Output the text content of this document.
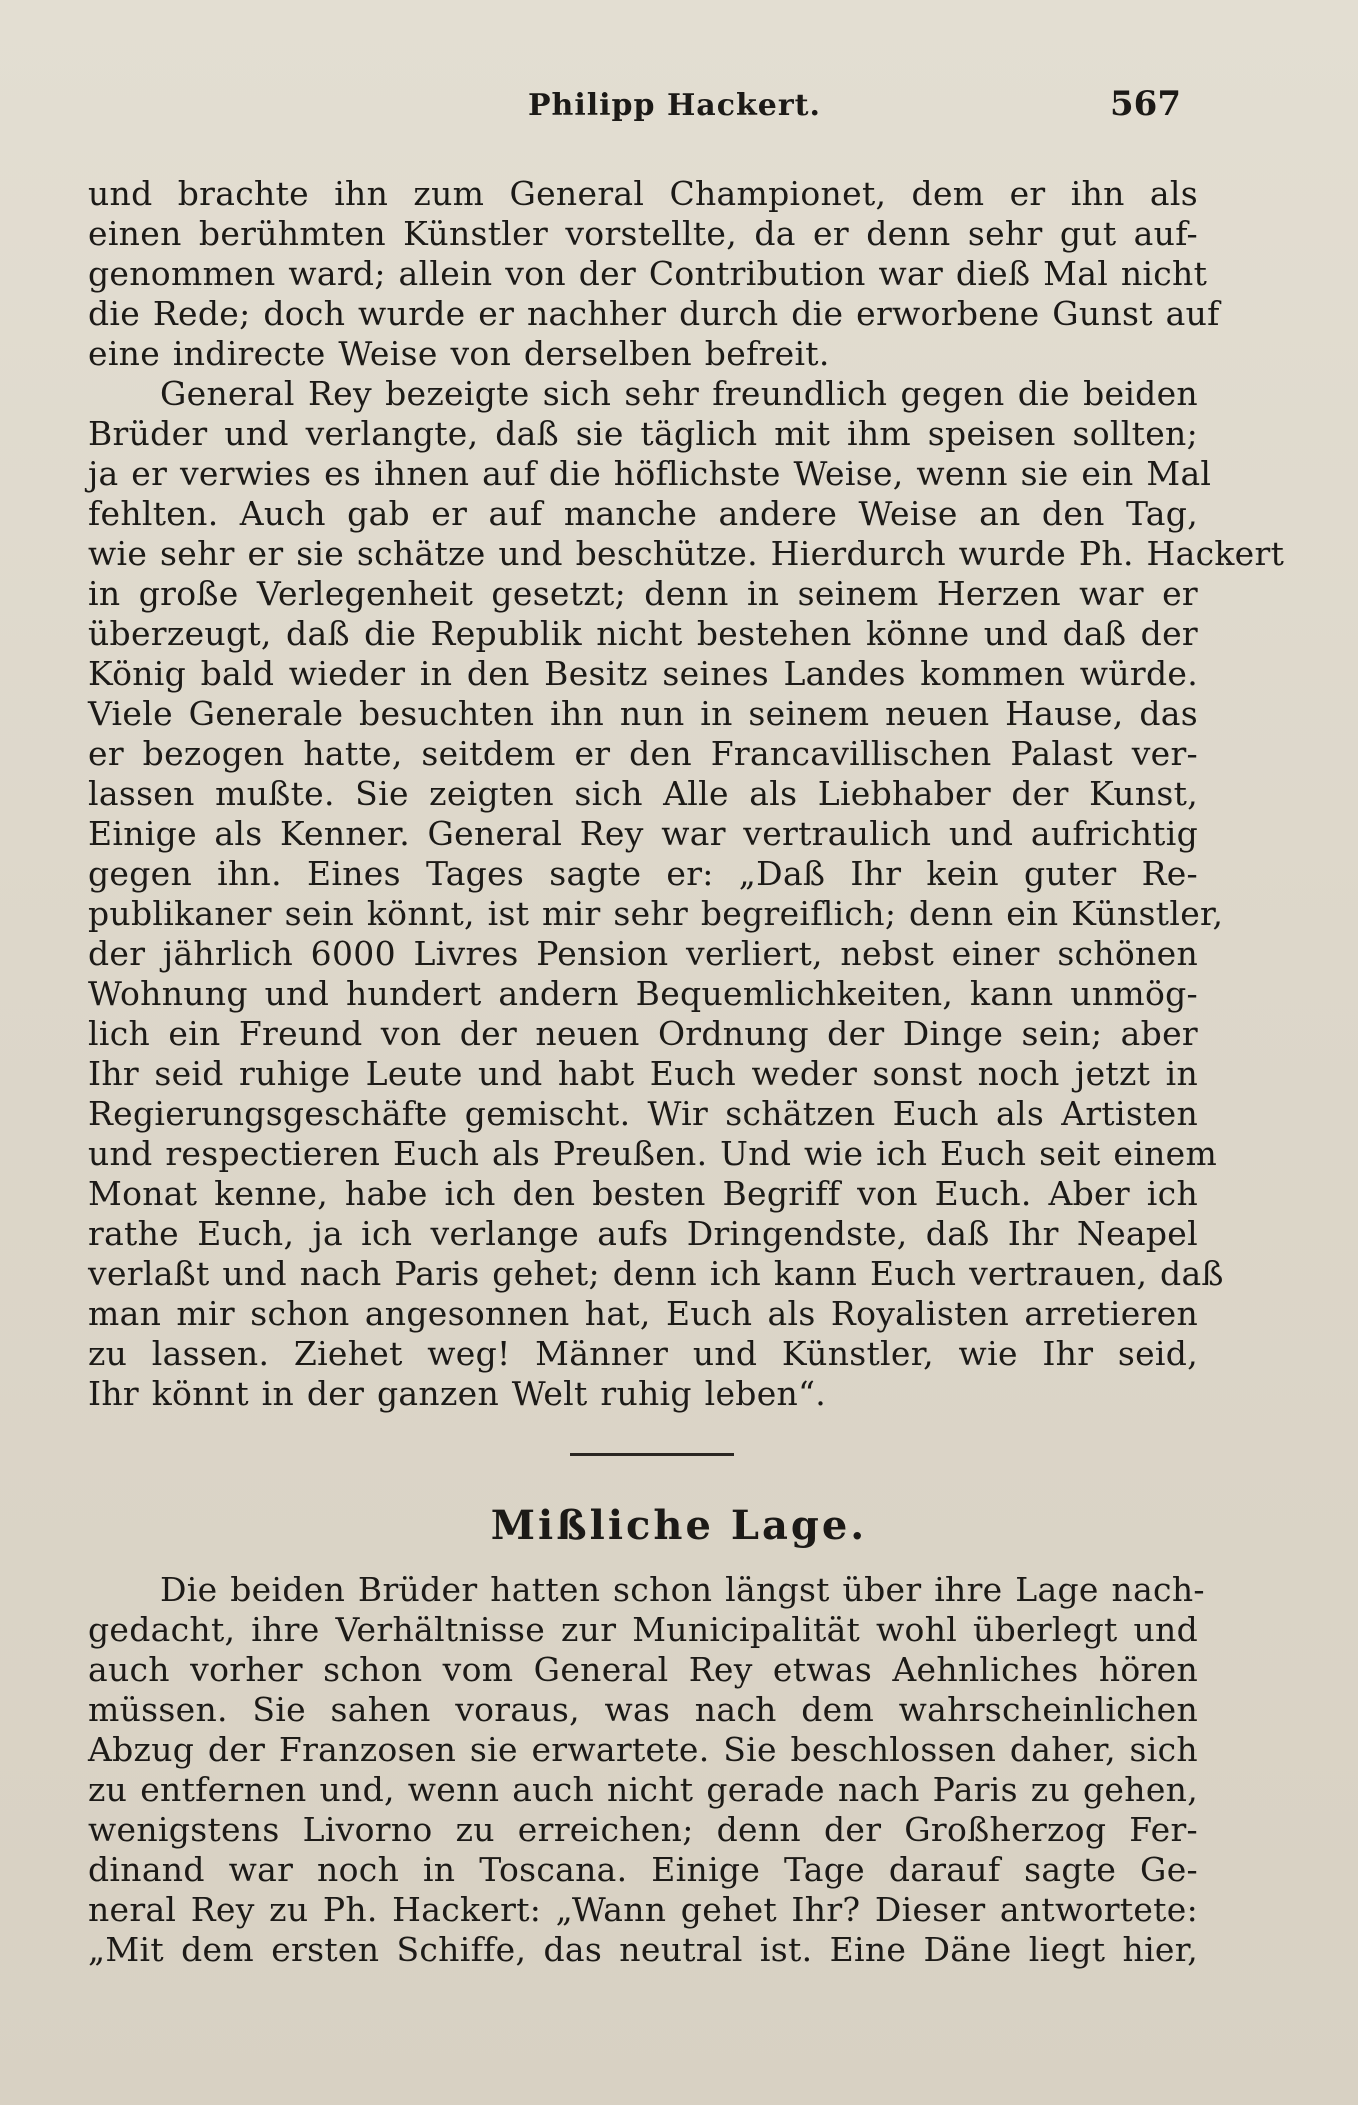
Philipp Hackert.	567
und brachte ihn zum General Championet, dem er ihn als
einen berühmten Künstler vorstellte, da er denn sehr gut auf-
genommen ward; allein von der Contribution war dieß Mal nicht
die Rede; doch wurde er nachher durch die erworbene Gunst auf
eine indirecte Weise von derselben befreit.
General Rey bezeigte sich sehr freundlich gegen die beiden
Brüder und verlangte, daß sie täglich mit ihm speisen sollten;
ja er verwies es ihnen auf die höflichste Weise, wenn sie ein Mal
fehlten. Auch gab er auf manche andere Weise an den Tag,
wie sehr er sie schätze und beschütze. Hierdurch wurde Ph. Hackert
in große Verlegenheit gesetzt; denn in seinem Herzen war er
überzeugt, daß die Republik nicht bestehen könne und daß der
König bald wieder in den Besitz seines Landes kommen würde.
Viele Generale besuchten ihn nun in seinem neuen Hause, das
er bezogen hatte, seitdem er den Francavillischen Palast ver-
lassen mußte. Sie zeigten sich Alle als Liebhaber der Kunst,
Einige als Kenner. General Rey war vertraulich und aufrichtig
gegen ihn. Eines Tages sagte er: „Daß Ihr kein guter Re-
publikaner sein könnt, ist mir sehr begreiflich; denn ein Künstler,
der jährlich 6000 Livres Pension verliert, nebst einer schönen
Wohnung und hundert andern Bequemlichkeiten, kann unmög-
lich ein Freund von der neuen Ordnung der Dinge sein; aber
Ihr seid ruhige Leute und habt Euch weder sonst noch jetzt in
Regierungsgeschäfte gemischt. Wir schätzen Euch als Artisten
und respectieren Euch als Preußen. Und wie ich Euch seit einem
Monat kenne, habe ich den besten Begriff von Euch. Aber ich
rathe Euch, ja ich verlange aufs Dringendste, daß Ihr Neapel
verlaßt und nach Paris gehet; denn ich kann Euch vertrauen, daß
man mir schon angesonnen hat, Euch als Royalisten arretieren
zu lassen. Ziehet weg! Männer und Künstler, wie Ihr seid,
Ihr könnt in der ganzen Welt ruhig leben“.
Mißliche Lage.
Die beiden Brüder hatten schon längst über ihre Lage nach-
gedacht, ihre Verhältnisse zur Municipalität wohl überlegt und
auch vorher schon vom General Rey etwas Aehnliches hören
müssen. Sie sahen voraus, was nach dem wahrscheinlichen
Abzug der Franzosen sie erwartete. Sie beschlossen daher, sich
zu entfernen und, wenn auch nicht gerade nach Paris zu gehen,
wenigstens Livorno zu erreichen; denn der Großherzog Fer-
dinand war noch in Toscana. Einige Tage darauf sagte Ge-
neral Rey zu Ph. Hackert: „Wann gehet Ihr? Dieser antwortete:
„Mit dem ersten Schiffe, das neutral ist. Eine Däne liegt hier,
